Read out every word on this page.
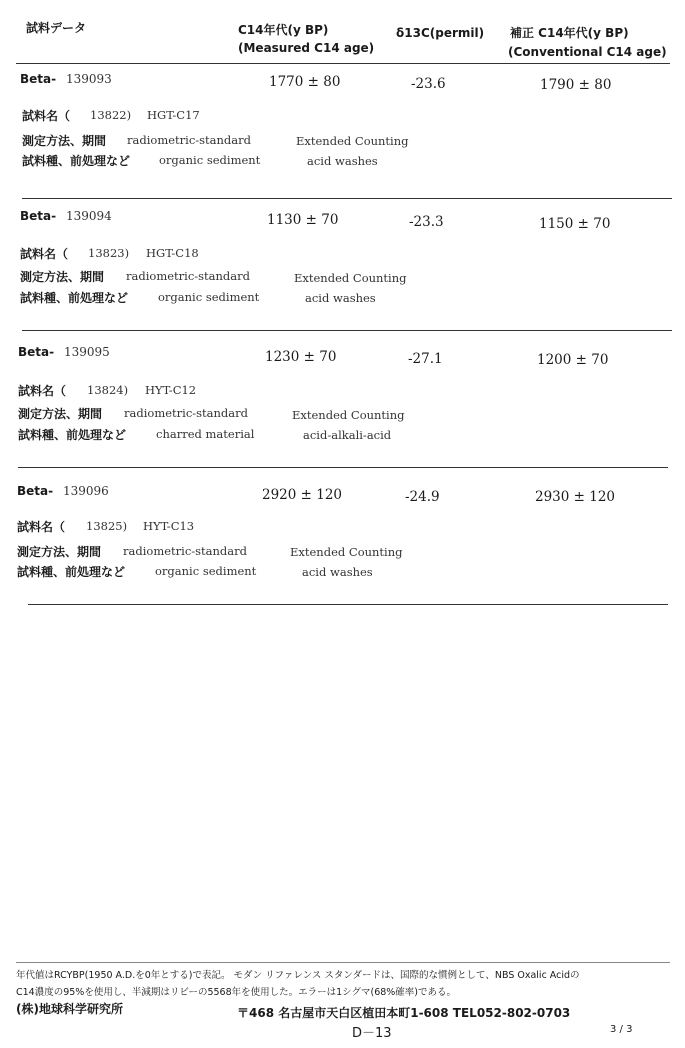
試料データ	C14年代(y BP)
(Measured C14 age)
δ13C(permil) 補正 C14年代(y BP)
(Conventional C14 age)
Beta- 139093	1770 ± 80	-23.6	1790 ± 80
試料名（ 13822) HGT-C17
測定方法、期間 radiometric-standard	Extended Counting
試料種、前処理など	organic sediment	acid washes
Beta- 139094	1130 ± 70	-23.3	1150 ± 70
試料名（ 13823) HGT-C18
測定方法、期間 radiometric-standard	Extended Counting
試料種、前処理など	organic sediment	acid washes
Beta- 139095	1230 ± 70	-27.1	1200 ± 70
試料名（ 13824) HYT-C12
測定方法、期間 radiometric-standard	Extended Counting
試料種、前処理など	charred material	acid-alkali-acid
Beta- 139096	2920 ± 120	-24.9	2930 ± 120
試料名（ 13825) HYT-C13
測定方法、期間 radiometric-standard	Extended Counting
試料種、前処理など	organic sediment	acid washes
年代値はRCYBP(1950 A.D.を0年とする)で表記。 モダン リファレンス スタンダードは、国際的な慣例として、NBS Oxalic Acidの
C14濃度の95%を使用し、半減期はリビーの5568年を使用した。エラーは1シグマ(68%確率)である。
(株)地球科学研究所	〒468 名古屋市天白区植田本町1-608 TEL052-802-0703
D－13	3 / 3
